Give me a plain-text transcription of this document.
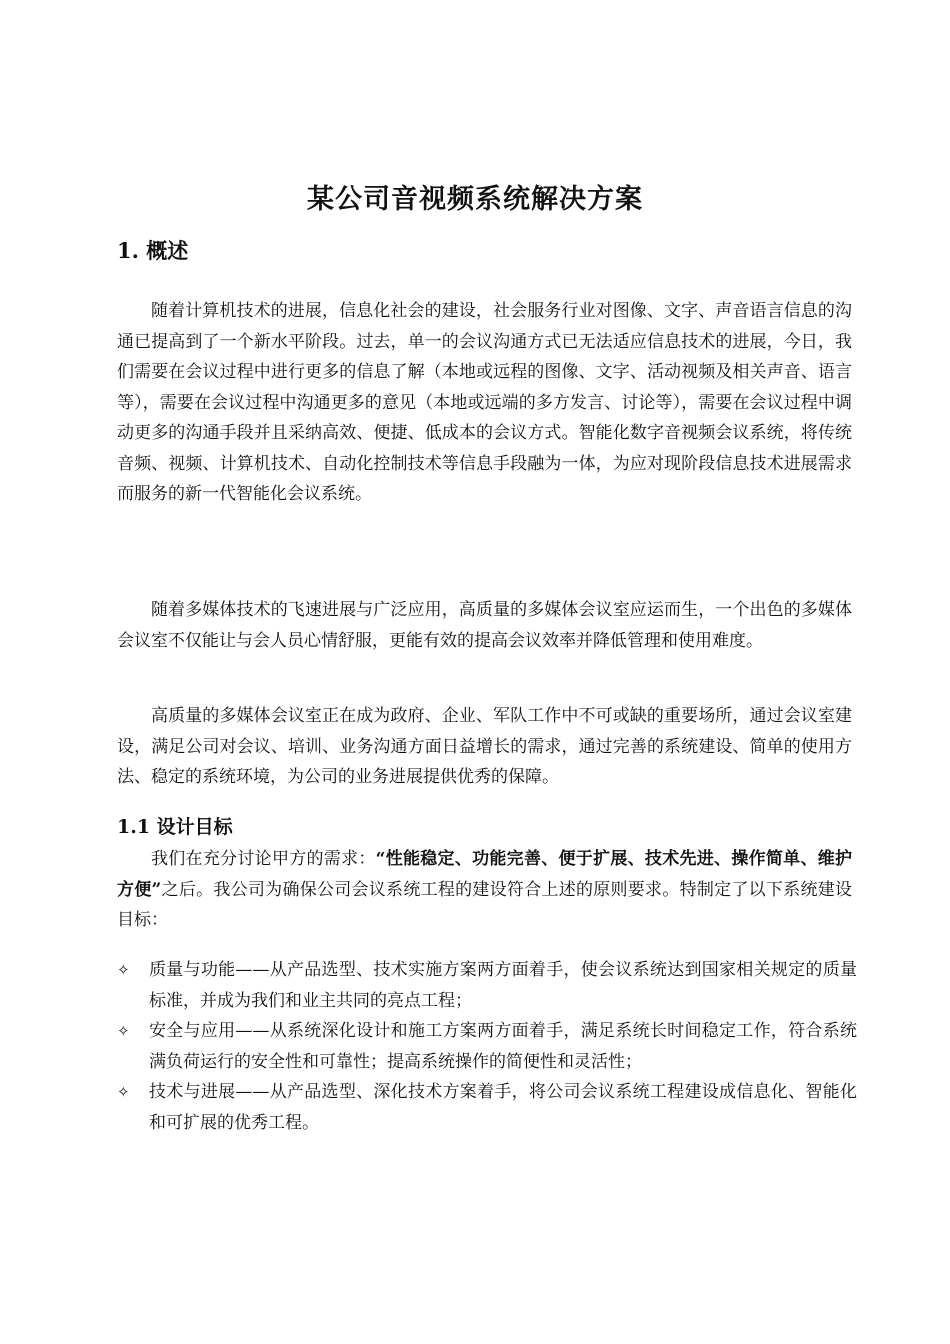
某公司音视频系统解决方案
1. 概述

随着计算机技术的进展，信息化社会的建设，社会服务行业对图像、文字、声音语言信息的沟通已提高到了一个新水平阶段。过去，单一的会议沟通方式已无法适应信息技术的进展，今日，我们需要在会议过程中进行更多的信息了解（本地或远程的图像、文字、活动视频及相关声音、语言等），需要在会议过程中沟通更多的意见（本地或远端的多方发言、讨论等），需要在会议过程中调动更多的沟通手段并且采纳高效、便捷、低成本的会议方式。智能化数字音视频会议系统，将传统音频、视频、计算机技术、自动化控制技术等信息手段融为一体，为应对现阶段信息技术进展需求而服务的新一代智能化会议系统。

随着多媒体技术的飞速进展与广泛应用，高质量的多媒体会议室应运而生，一个出色的多媒体会议室不仅能让与会人员心情舒服，更能有效的提高会议效率并降低管理和使用难度。

高质量的多媒体会议室正在成为政府、企业、军队工作中不可或缺的重要场所，通过会议室建设，满足公司对会议、培训、业务沟通方面日益增长的需求，通过完善的系统建设、简单的使用方法、稳定的系统环境，为公司的业务进展提供优秀的保障。

1.1 设计目标

我们在充分讨论甲方的需求：“性能稳定、功能完善、便于扩展、技术先进、操作简单、维护方便”之后。我公司为确保公司会议系统工程的建设符合上述的原则要求。特制定了以下系统建设目标：

✧	质量与功能——从产品选型、技术实施方案两方面着手，使会议系统达到国家相关规定的质量标准，并成为我们和业主共同的亮点工程；
✧	安全与应用——从系统深化设计和施工方案两方面着手，满足系统长时间稳定工作，符合系统满负荷运行的安全性和可靠性；提高系统操作的简便性和灵活性；
✧	技术与进展——从产品选型、深化技术方案着手，将公司会议系统工程建设成信息化、智能化和可扩展的优秀工程。
